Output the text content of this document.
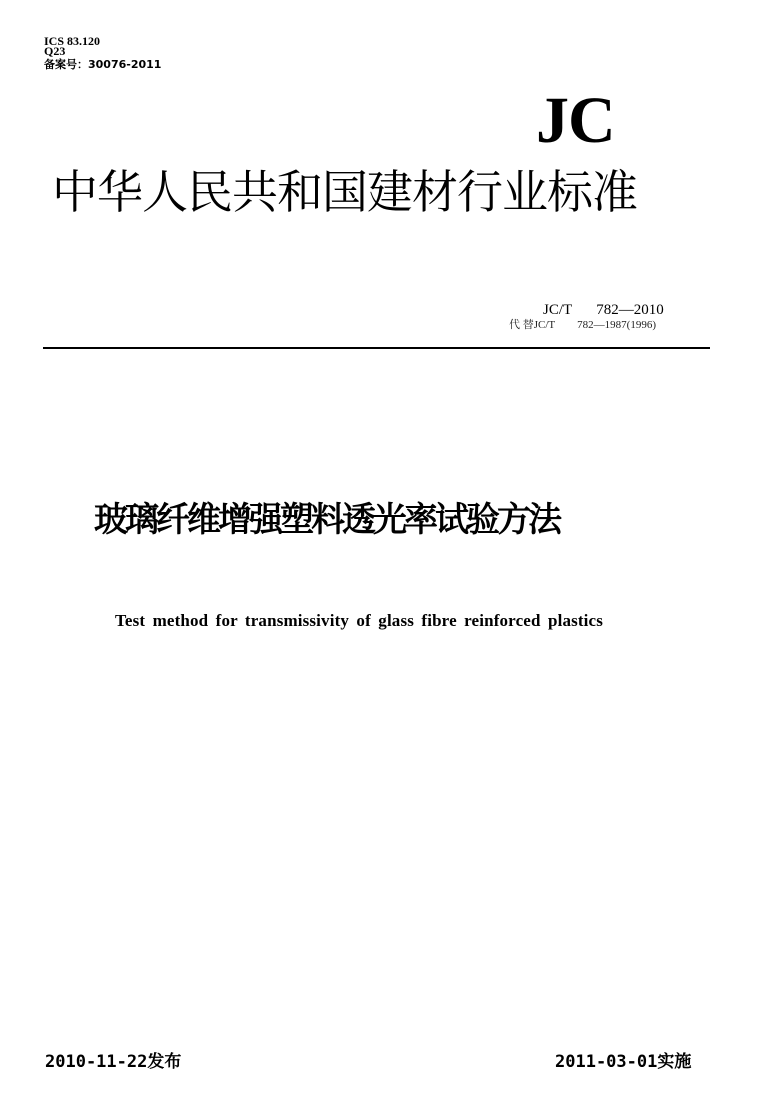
ICS 83.120
Q23
备案号：30076-2011
JC
中华人民共和国建材行业标准
JC/T 782—2010
代 替JC/T 782—1987(1996)
玻璃纤维增强塑料透光率试验方法
Test method for transmissivity of glass fibre reinforced plastics
2010-11-22发布	2011-03-01实施
